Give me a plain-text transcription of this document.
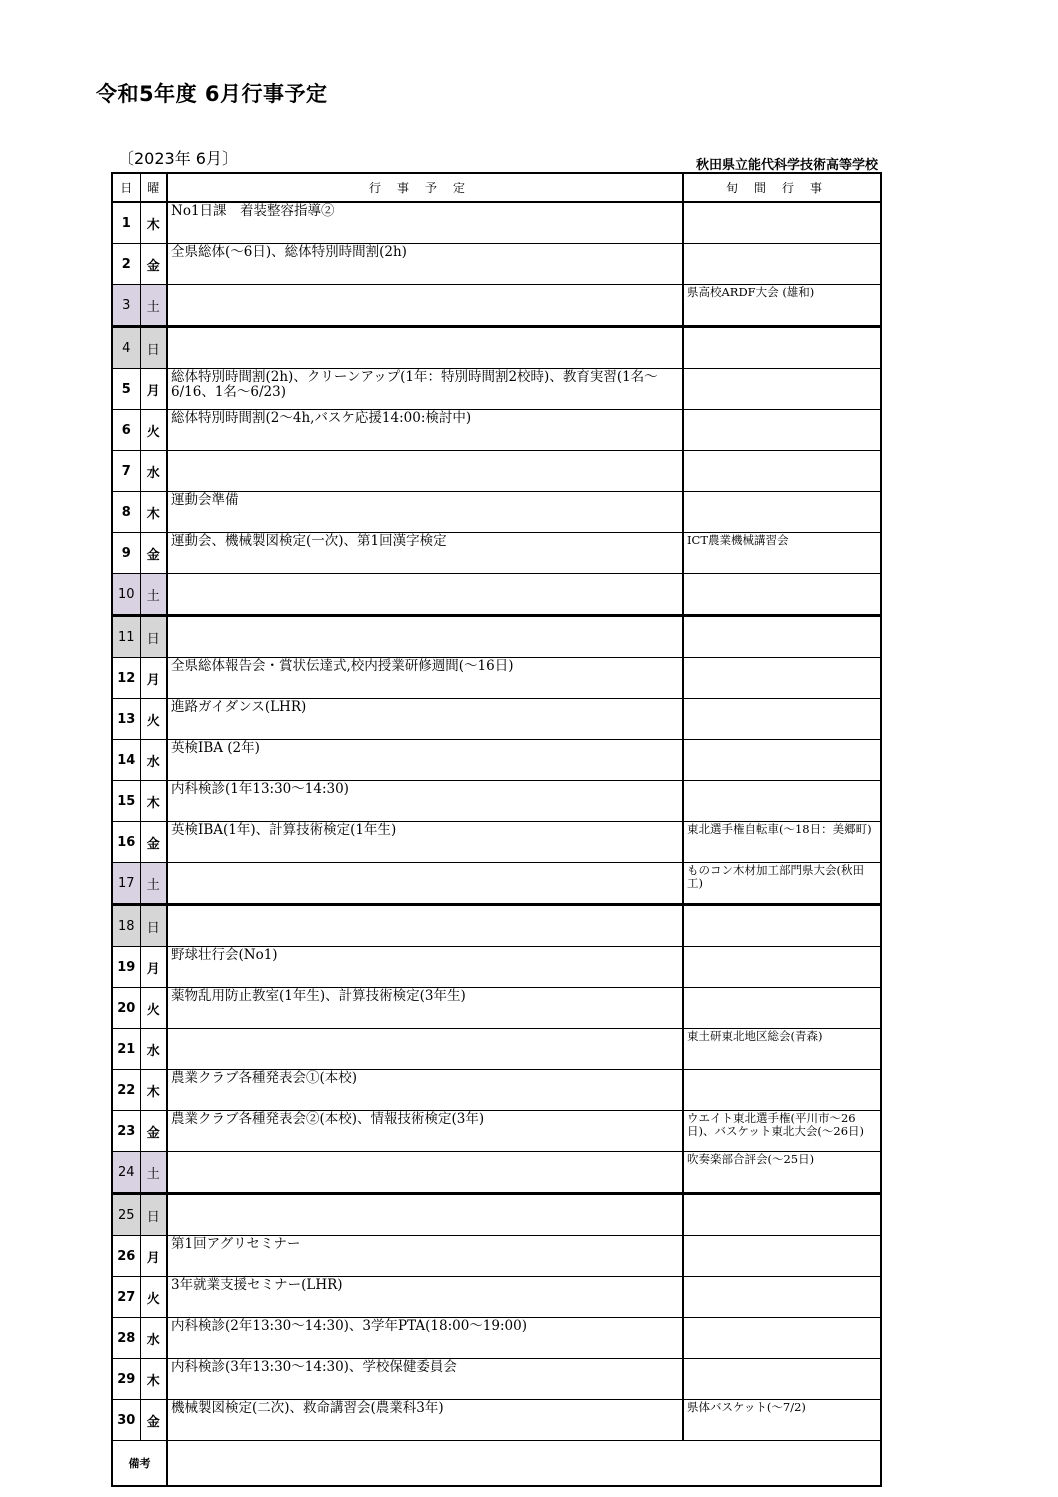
令和5年度 6月行事予定
〔2023年 6月〕	秋田県立能代科学技術高等学校
日	曜	行事予定	旬間行事
1	木	No1日課　着装整容指導②	
2	金	全県総体(～6日)、総体特別時間割(2h)	
3	土		県高校ARDF大会 (雄和)
4	日		
5	月	総体特別時間割(2h)、クリーンアップ(1年：特別時間割2校時)、教育実習(1名～6/16、1名～6/23)	
6	火	総体特別時間割(2～4h,バスケ応援14:00:検討中)	
7	水		
8	木	運動会準備	
9	金	運動会、機械製図検定(一次)、第1回漢字検定	ICT農業機械講習会
10	土		
11	日		
12	月	全県総体報告会・賞状伝達式,校内授業研修週間(～16日)	
13	火	進路ガイダンス(LHR)	
14	水	英検IBA (2年)	
15	木	内科検診(1年13:30～14:30)	
16	金	英検IBA(1年)、計算技術検定(1年生)	東北選手権自転車(～18日：美郷町)
17	土		ものコン木材加工部門県大会(秋田工)
18	日		
19	月	野球壮行会(No1)	
20	火	薬物乱用防止教室(1年生)、計算技術検定(3年生)	
21	水		東土研東北地区総会(青森)
22	木	農業クラブ各種発表会①(本校)	
23	金	農業クラブ各種発表会②(本校)、情報技術検定(3年)	ウエイト東北選手権(平川市～26日)、バスケット東北大会(～26日)
24	土		吹奏楽部合評会(～25日)
25	日		
26	月	第1回アグリセミナー	
27	火	3年就業支援セミナー(LHR)	
28	水	内科検診(2年13:30～14:30)、3学年PTA(18:00～19:00)	
29	木	内科検診(3年13:30～14:30)、学校保健委員会	
30	金	機械製図検定(二次)、救命講習会(農業科3年)	県体バスケット(～7/2)
備考			
